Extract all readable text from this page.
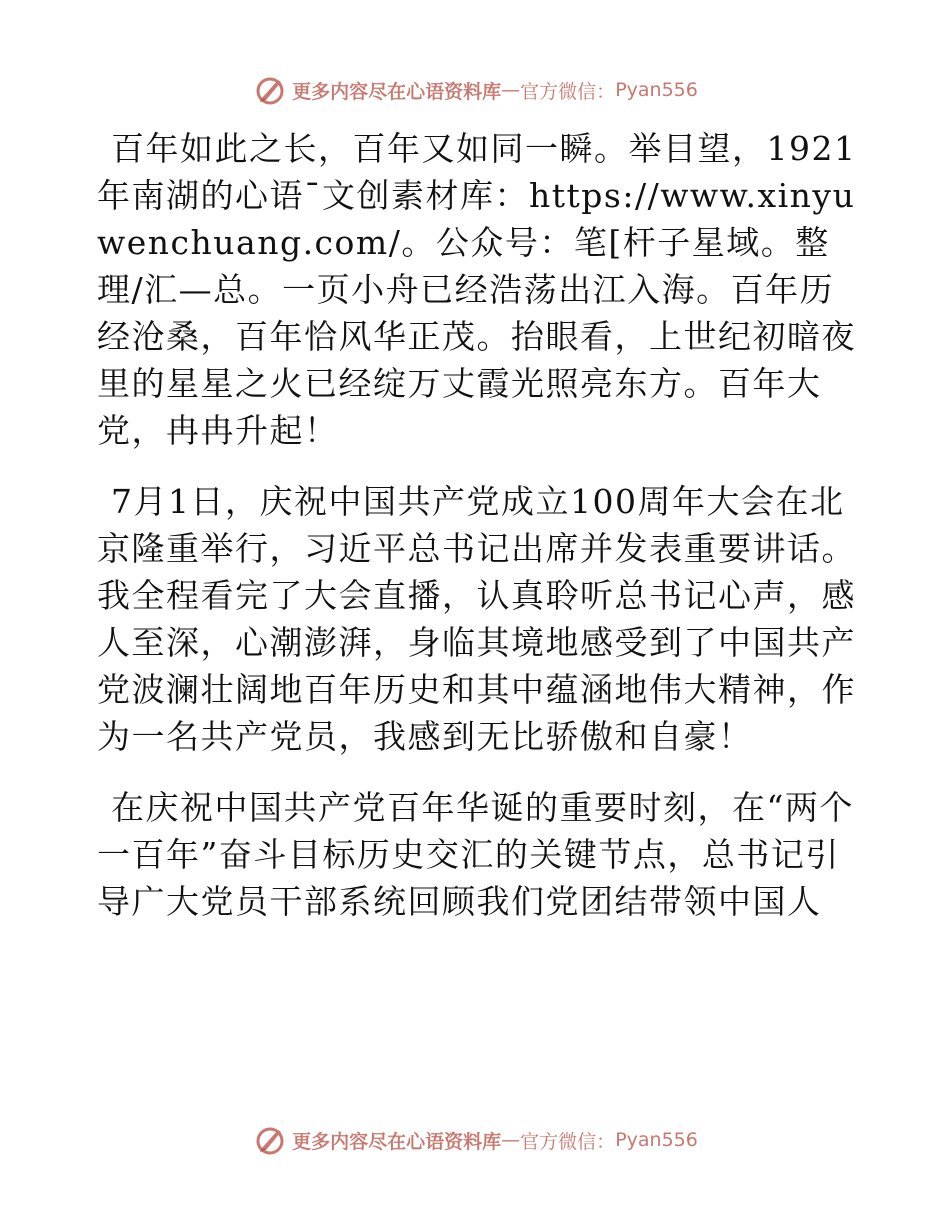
更多内容尽在心语资料库 — 官方微信： Pyan556

百年如此之长，百年又如同一瞬。举目望，1921年南湖的心语¯文创素材库：https://www.xinyuwenchuang.com/。公众号：笔[杆子星域。整理/汇—总。一页小舟已经浩荡出江入海。百年历经沧桑，百年恰风华正茂。抬眼看，上世纪初暗夜里的星星之火已经绽万丈霞光照亮东方。百年大党，冉冉升起！

7月1日，庆祝中国共产党成立100周年大会在北京隆重举行，习近平总书记出席并发表重要讲话。我全程看完了大会直播，认真聆听总书记心声，感人至深，心潮澎湃，身临其境地感受到了中国共产党波澜壮阔地百年历史和其中蕴涵地伟大精神，作为一名共产党员，我感到无比骄傲和自豪！

在庆祝中国共产党百年华诞的重要时刻，在“两个一百年”奋斗目标历史交汇的关键节点，总书记引导广大党员干部系统回顾我们党团结带领中国人

更多内容尽在心语资料库 — 官方微信： Pyan556
